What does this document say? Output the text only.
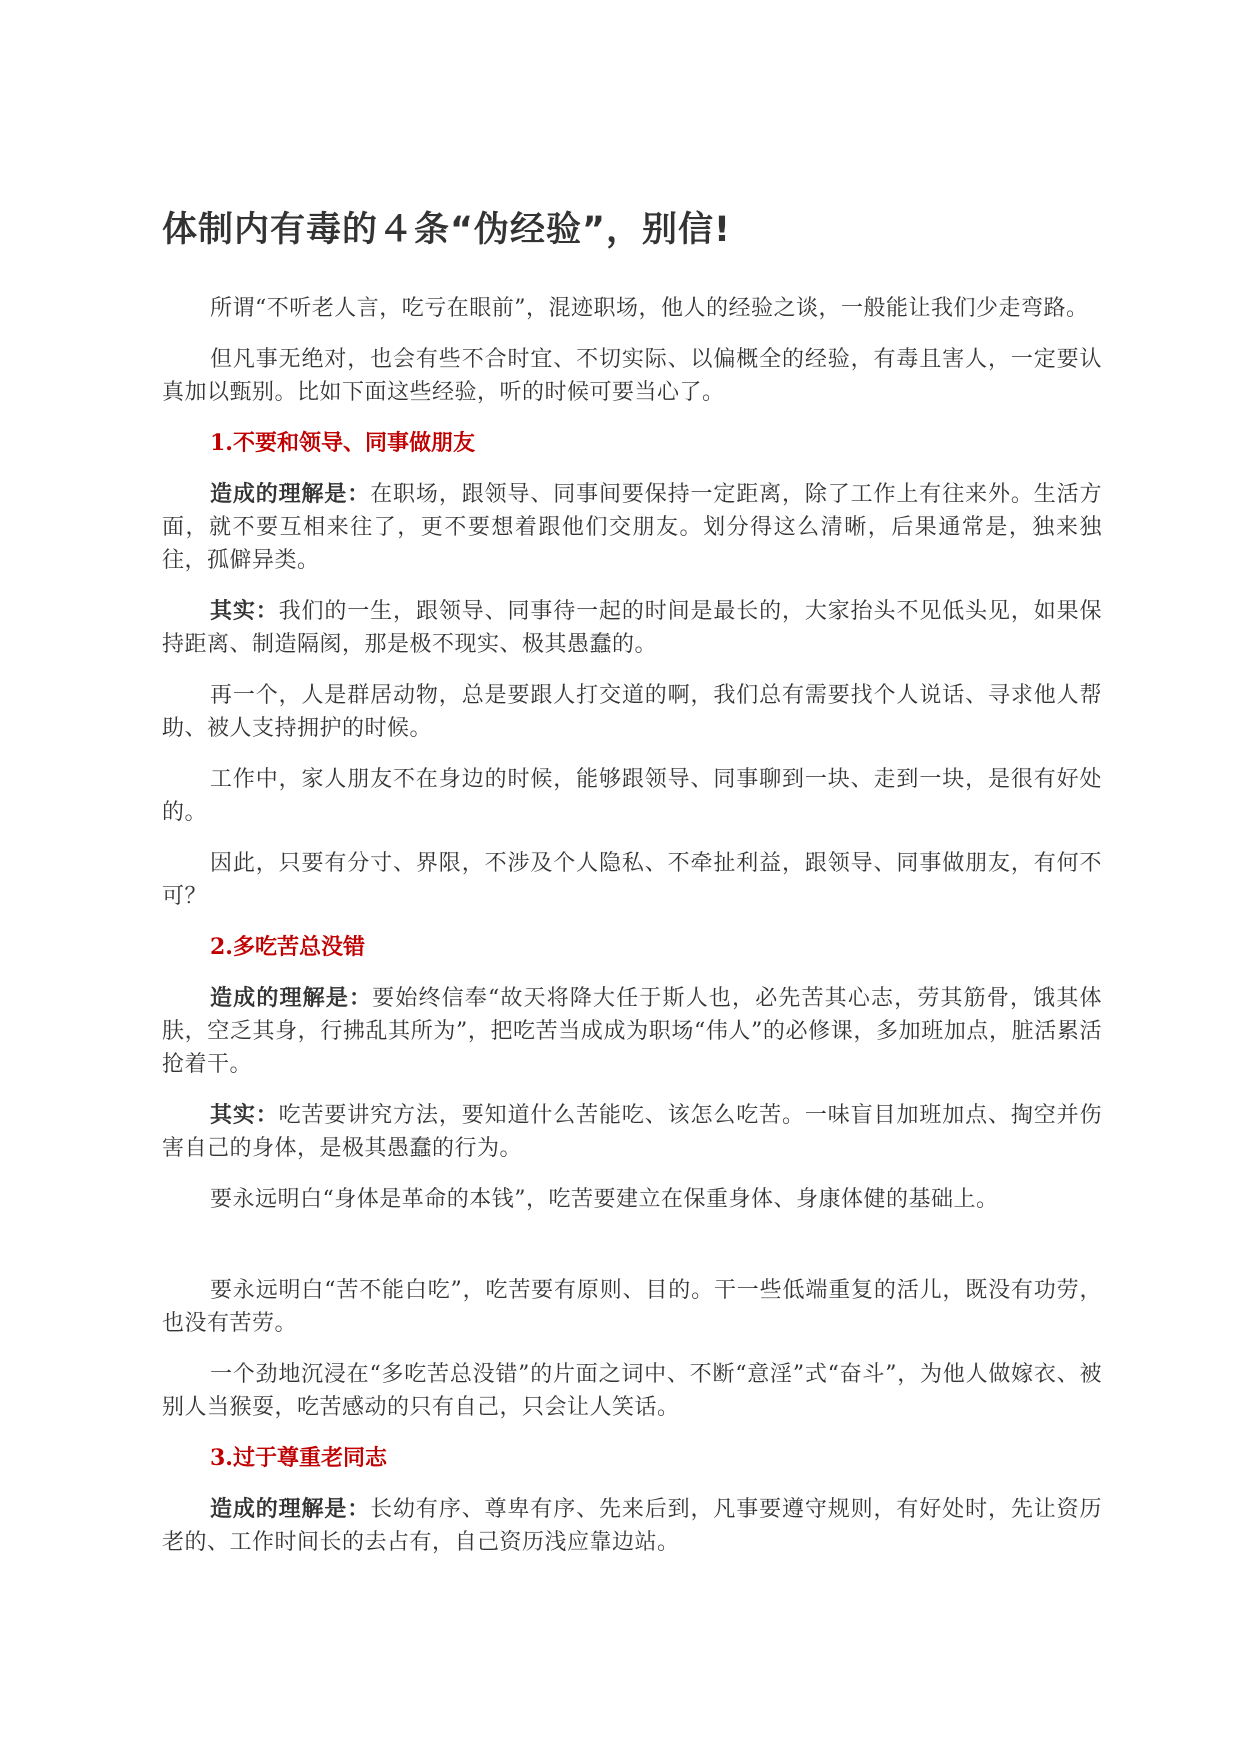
体制内有毒的４条“伪经验”，别信!

所谓“不听老人言，吃亏在眼前”，混迹职场，他人的经验之谈，一般能让我们少走弯路。

但凡事无绝对，也会有些不合时宜、不切实际、以偏概全的经验，有毒且害人，一定要认真加以甄别。比如下面这些经验，听的时候可要当心了。

1.不要和领导、同事做朋友

造成的理解是：在职场，跟领导、同事间要保持一定距离，除了工作上有往来外。生活方面，就不要互相来往了，更不要想着跟他们交朋友。划分得这么清晰，后果通常是，独来独往，孤僻异类。

其实：我们的一生，跟领导、同事待一起的时间是最长的，大家抬头不见低头见，如果保持距离、制造隔阂，那是极不现实、极其愚蠢的。

再一个，人是群居动物，总是要跟人打交道的啊，我们总有需要找个人说话、寻求他人帮助、被人支持拥护的时候。

工作中，家人朋友不在身边的时候，能够跟领导、同事聊到一块、走到一块，是很有好处的。

因此，只要有分寸、界限，不涉及个人隐私、不牵扯利益，跟领导、同事做朋友，有何不可？

2.多吃苦总没错

造成的理解是：要始终信奉“故天将降大任于斯人也，必先苦其心志，劳其筋骨，饿其体肤，空乏其身，行拂乱其所为”，把吃苦当成成为职场“伟人”的必修课，多加班加点，脏活累活抢着干。

其实：吃苦要讲究方法，要知道什么苦能吃、该怎么吃苦。一味盲目加班加点、掏空并伤害自己的身体，是极其愚蠢的行为。

要永远明白“身体是革命的本钱”，吃苦要建立在保重身体、身康体健的基础上。

要永远明白“苦不能白吃”，吃苦要有原则、目的。干一些低端重复的活儿，既没有功劳，也没有苦劳。

一个劲地沉浸在“多吃苦总没错”的片面之词中、不断“意淫”式“奋斗”，为他人做嫁衣、被别人当猴耍，吃苦感动的只有自己，只会让人笑话。

3.过于尊重老同志

造成的理解是：长幼有序、尊卑有序、先来后到，凡事要遵守规则，有好处时，先让资历老的、工作时间长的去占有，自己资历浅应靠边站。
